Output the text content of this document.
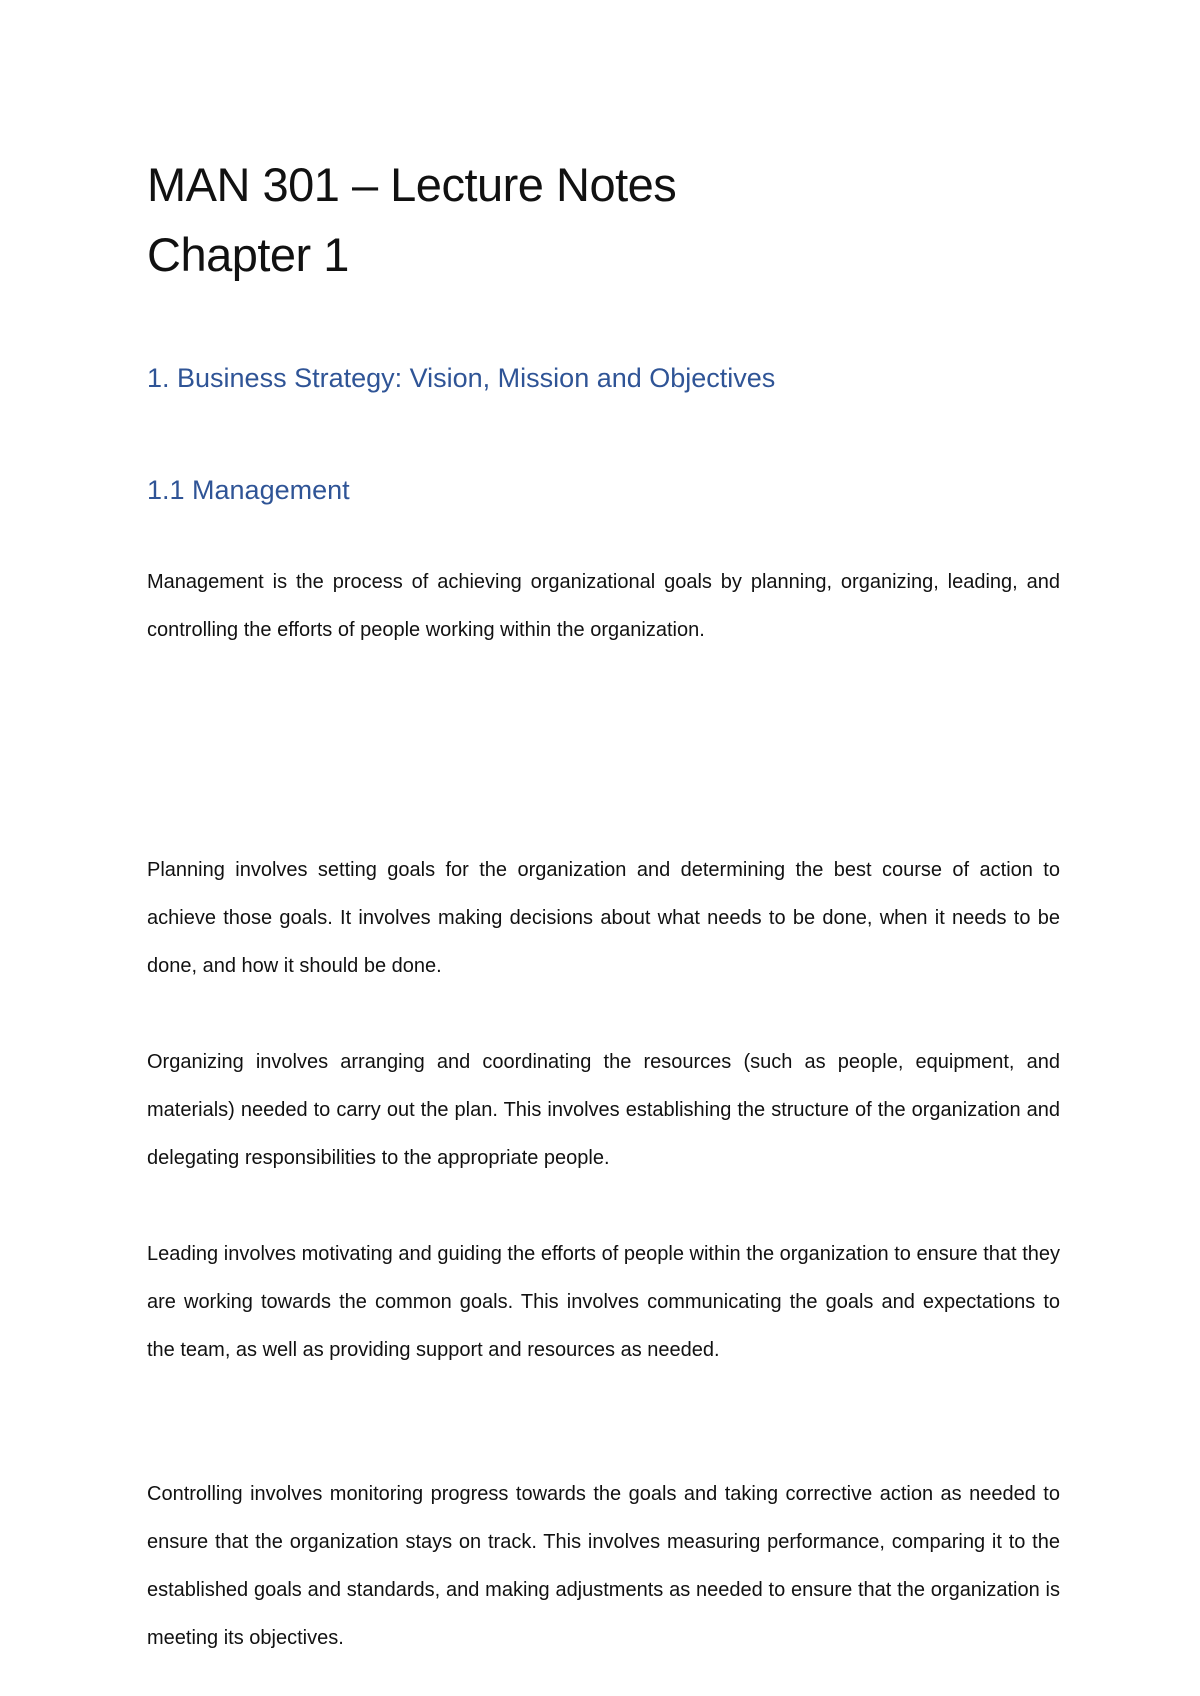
MAN 301 – Lecture Notes
Chapter 1
1. Business Strategy: Vision, Mission and Objectives
1.1 Management

Management is the process of achieving organizational goals by planning, organizing, leading, and controlling the efforts of people working within the organization.

Planning involves setting goals for the organization and determining the best course of action to achieve those goals. It involves making decisions about what needs to be done, when it needs to be done, and how it should be done.

Organizing involves arranging and coordinating the resources (such as people, equipment, and materials) needed to carry out the plan. This involves establishing the structure of the organization and delegating responsibilities to the appropriate people.

Leading involves motivating and guiding the efforts of people within the organization to ensure that they are working towards the common goals. This involves communicating the goals and expectations to the team, as well as providing support and resources as needed.

Controlling involves monitoring progress towards the goals and taking corrective action as needed to ensure that the organization stays on track. This involves measuring performance, comparing it to the established goals and standards, and making adjustments as needed to ensure that the organization is meeting its objectives.
